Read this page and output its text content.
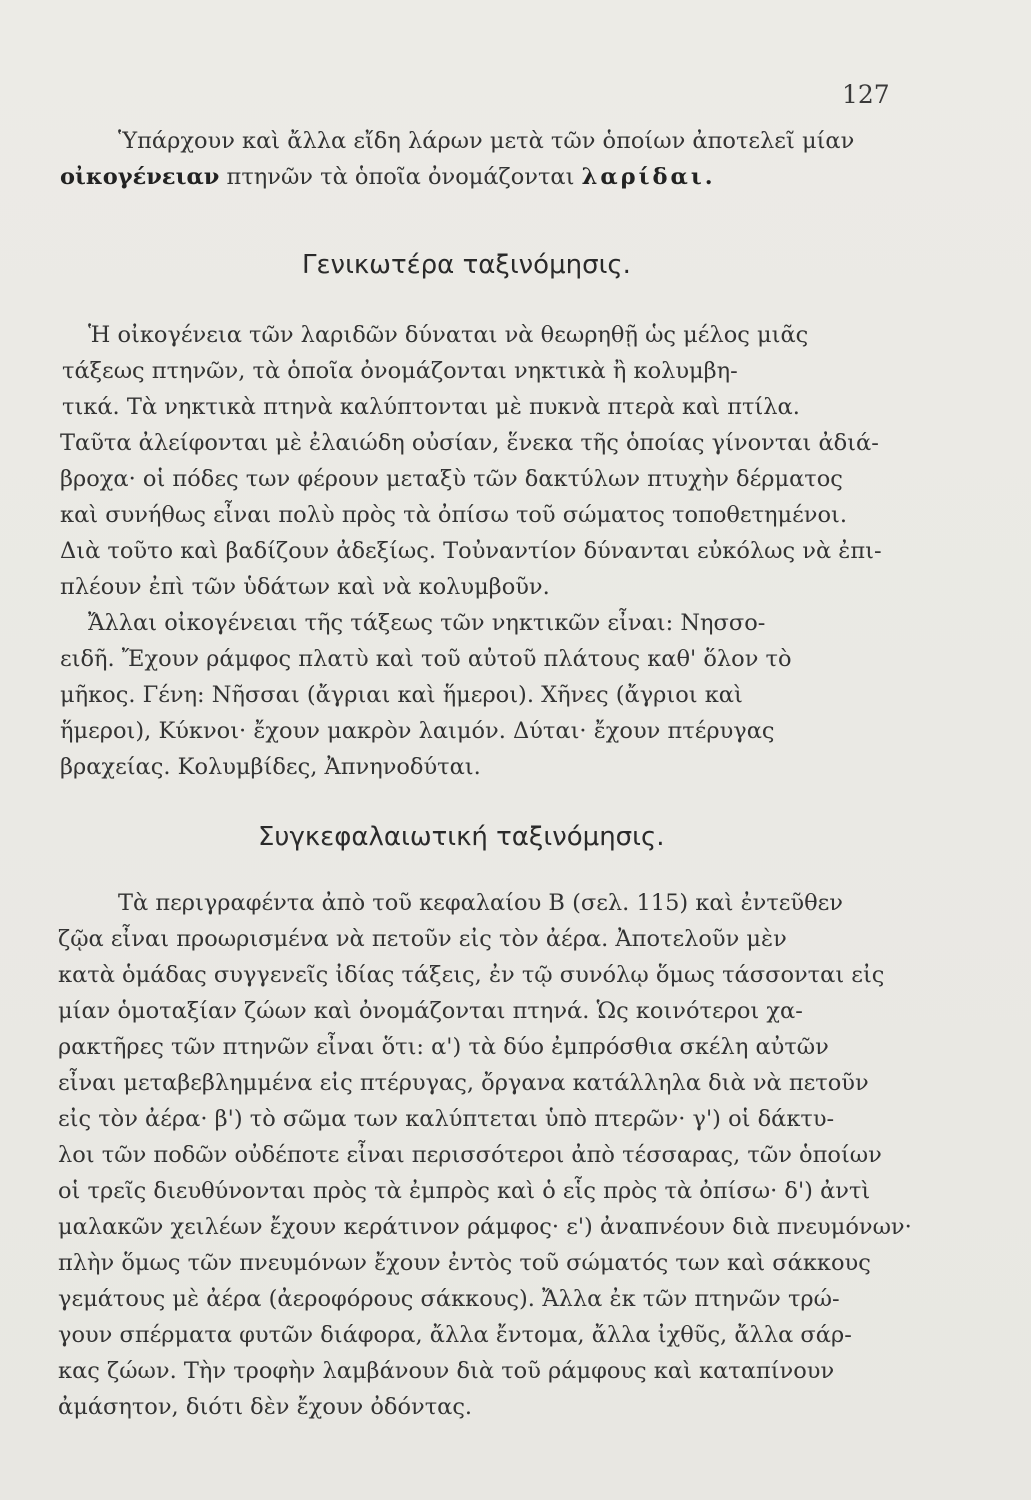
127
Ὑπάρχουν καὶ ἄλλα εἴδη λάρων μετὰ τῶν ὁποίων ἀποτελεῖ μίαν
οἰκογένειαν πτηνῶν τὰ ὁποῖα ὀνομάζονται λαρίδαι.
Γενικωτέρα ταξινόμησις.
Ἡ οἰκογένεια τῶν λαριδῶν δύναται νὰ θεωρηθῇ ὡς μέλος μιᾶς
τάξεως πτηνῶν, τὰ ὁποῖα ὀνομάζονται νηκτικὰ ἢ κολυμβη-
τικά. Τὰ νηκτικὰ πτηνὰ καλύπτονται μὲ πυκνὰ πτερὰ καὶ πτίλα.
Ταῦτα ἀλείφονται μὲ ἐλαιώδη οὐσίαν, ἕνεκα τῆς ὁποίας γίνονται ἀδιά-
βροχα· οἱ πόδες των φέρουν μεταξὺ τῶν δακτύλων πτυχὴν δέρματος
καὶ συνήθως εἶναι πολὺ πρὸς τὰ ὀπίσω τοῦ σώματος τοποθετημένοι.
Διὰ τοῦτο καὶ βαδίζουν ἀδεξίως. Τοὐναντίον δύνανται εὐκόλως νὰ ἐπι-
πλέουν ἐπὶ τῶν ὑδάτων καὶ νὰ κολυμβοῦν.
Ἄλλαι οἰκογένειαι τῆς τάξεως τῶν νηκτικῶν εἶναι: Νησσο-
ειδῆ. Ἔχουν ράμφος πλατὺ καὶ τοῦ αὐτοῦ πλάτους καθ' ὅλον τὸ
μῆκος. Γένη: Νῆσσαι (ἄγριαι καὶ ἥμεροι). Χῆνες (ἄγριοι καὶ
ἥμεροι), Κύκνοι· ἔχουν μακρὸν λαιμόν. Δύται· ἔχουν πτέρυγας
βραχείας. Κολυμβίδες, Ἀπνηνοδύται.
Συγκεφαλαιωτική ταξινόμησις.
Τὰ περιγραφέντα ἀπὸ τοῦ κεφαλαίου Β (σελ. 115) καὶ ἐντεῦθεν
ζῷα εἶναι προωρισμένα νὰ πετοῦν εἰς τὸν ἀέρα. Ἀποτελοῦν μὲν
κατὰ ὁμάδας συγγενεῖς ἰδίας τάξεις, ἐν τῷ συνόλῳ ὅμως τάσσονται εἰς
μίαν ὁμοταξίαν ζώων καὶ ὀνομάζονται πτηνά. Ὡς κοινότεροι χα-
ρακτῆρες τῶν πτηνῶν εἶναι ὅτι: α') τὰ δύο ἐμπρόσθια σκέλη αὐτῶν
εἶναι μεταβεβλημμένα εἰς πτέρυγας, ὄργανα κατάλληλα διὰ νὰ πετοῦν
εἰς τὸν ἀέρα· β') τὸ σῶμα των καλύπτεται ὑπὸ πτερῶν· γ') οἱ δάκτυ-
λοι τῶν ποδῶν οὐδέποτε εἶναι περισσότεροι ἀπὸ τέσσαρας, τῶν ὁποίων
οἱ τρεῖς διευθύνονται πρὸς τὰ ἐμπρὸς καὶ ὁ εἷς πρὸς τὰ ὀπίσω· δ') ἀντὶ
μαλακῶν χειλέων ἔχουν κεράτινον ράμφος· ε') ἀναπνέουν διὰ πνευμόνων·
πλὴν ὅμως τῶν πνευμόνων ἔχουν ἐντὸς τοῦ σώματός των καὶ σάκκους
γεμάτους μὲ ἀέρα (ἀεροφόρους σάκκους). Ἄλλα ἐκ τῶν πτηνῶν τρώ-
γουν σπέρματα φυτῶν διάφορα, ἄλλα ἔντομα, ἄλλα ἰχθῦς, ἄλλα σάρ-
κας ζώων. Τὴν τροφὴν λαμβάνουν διὰ τοῦ ράμφους καὶ καταπίνουν
ἀμάσητον, διότι δὲν ἔχουν ὀδόντας.
